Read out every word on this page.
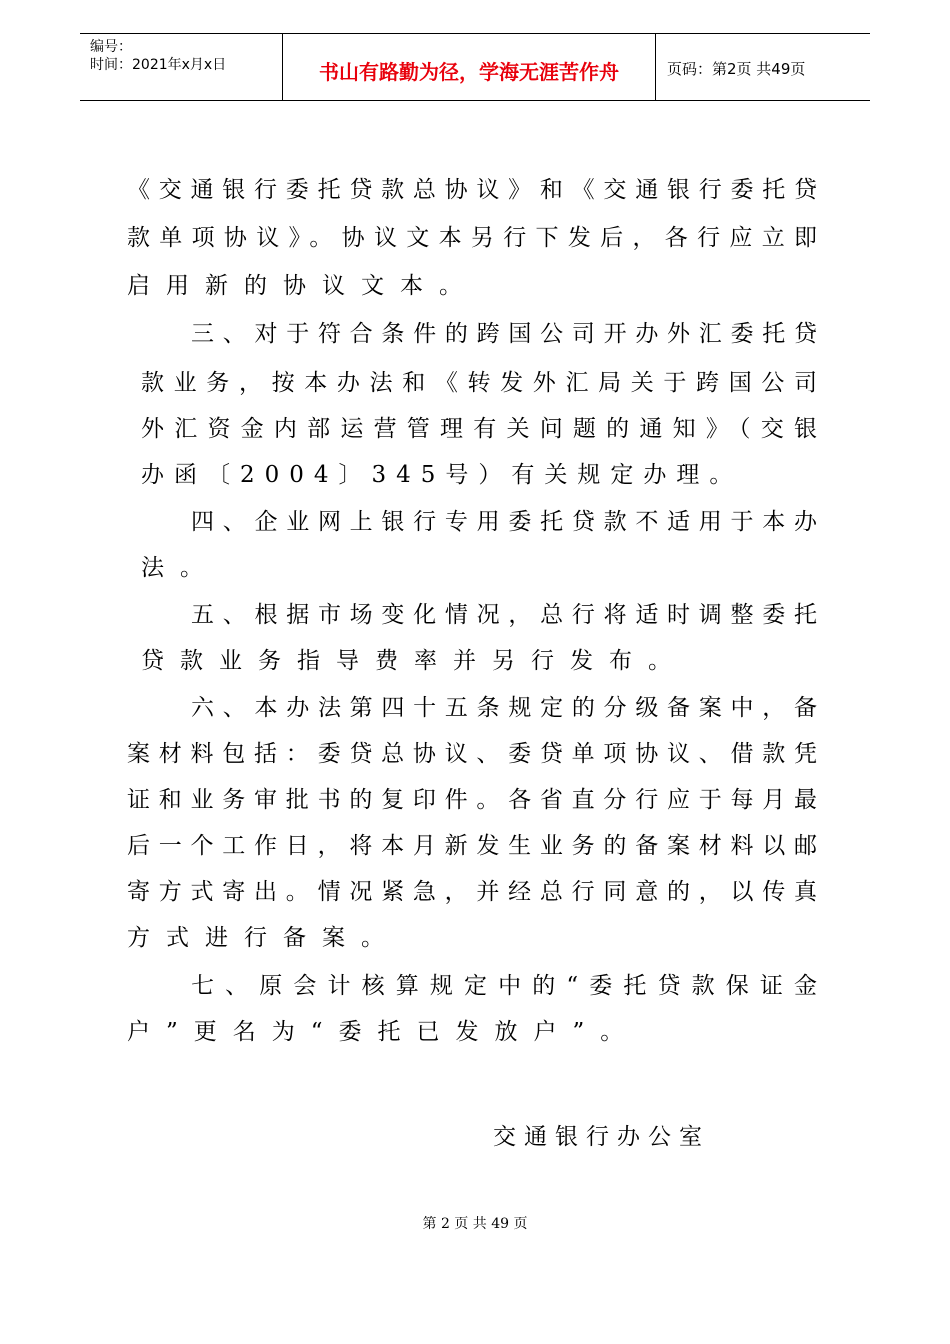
编号：
时间：2021年x月x日	书山有路勤为径，学海无涯苦作舟	页码：第2页 共49页
《交通银行委托贷款总协议》和《交通银行委托贷
款单项协议》。协议文本另行下发后，各行应立即
启用新的协议文本。
三、对于符合条件的跨国公司开办外汇委托贷
款业务，按本办法和《转发外汇局关于跨国公司
外汇资金内部运营管理有关问题的通知》（交银
办函〔2004〕345号）有关规定办理。
四、企业网上银行专用委托贷款不适用于本办
法。
五、根据市场变化情况，总行将适时调整委托
贷款业务指导费率并另行发布。
六、本办法第四十五条规定的分级备案中，备
案材料包括：委贷总协议、委贷单项协议、借款凭
证和业务审批书的复印件。各省直分行应于每月最
后一个工作日，将本月新发生业务的备案材料以邮
寄方式寄出。情况紧急，并经总行同意的，以传真
方式进行备案。
七、原会计核算规定中的“委托贷款保证金
户”更名为“委托已发放户”。
交通银行办公室
第 2 页 共 49 页
